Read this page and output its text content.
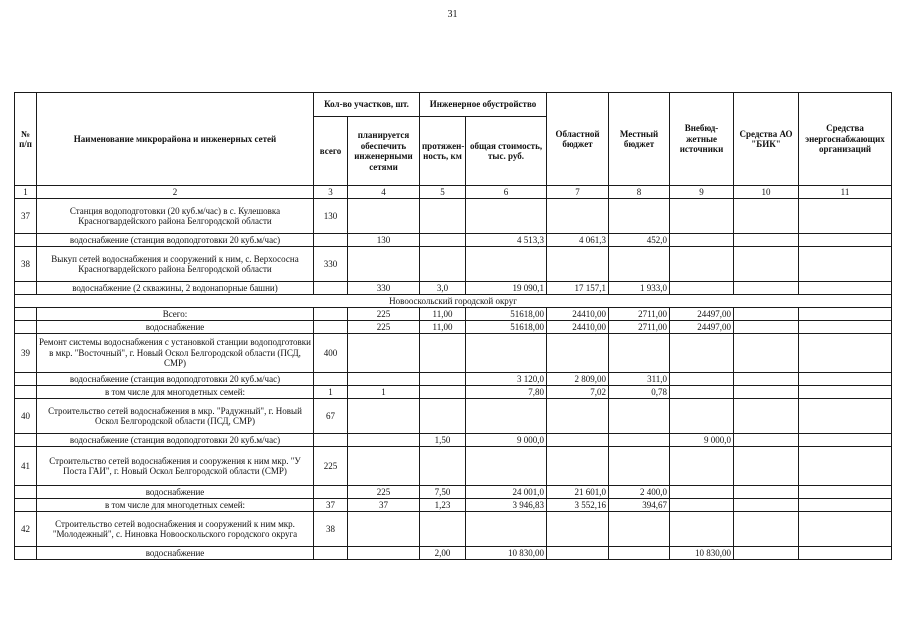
31
№ п/п	Наименование микрорайона и инженерных сетей	Кол-во участков, шт.		Инженерное обустройство		Областной бюджет	Местный бюджет	Внебюд-жетные источники	Средства АО "БИК"	Средства энергоснабжающих организаций
		всего	планируется обеспечить инженерными сетями	протяжен-ность, км	общая стоимость, тыс. руб.					
1	2	3	4	5	6	7	8	9	10	11
37	Станция водоподготовки (20 куб.м/час) в с. Кулешовка Красногвардейского района Белгородской области	130								
	водоснабжение (станция водоподготовки 20 куб.м/час)		130		4 513,3	4 061,3	452,0			
38	Выкуп сетей водоснабжения и сооружений к ним, с. Верхососна Красногвардейского района Белгородской области	330								
	водоснабжение (2 скважины, 2 водонапорные башни)		330	3,0	19 090,1	17 157,1	1 933,0			
Новооскольский городской округ										
	Всего:		225	11,00	51618,00	24410,00	2711,00	24497,00		
	водоснабжение		225	11,00	51618,00	24410,00	2711,00	24497,00		
39	Ремонт системы водоснабжения с установкой станции водоподготовки в мкр. "Восточный", г. Новый Оскол Белгородской области (ПСД, СМР)	400								
	водоснабжение (станция водоподготовки 20 куб.м/час)				3 120,0	2 809,00	311,0			
	в том числе для многодетных семей:	1	1		7,80	7,02	0,78			
40	Строительство сетей водоснабжения в мкр. "Радужный", г. Новый Оскол Белгородской области (ПСД, СМР)	67								
	водоснабжение (станция водоподготовки 20 куб.м/час)			1,50	9 000,0			9 000,0		
41	Строительство сетей водоснабжения и сооружения к ним мкр. "У Поста ГАИ", г. Новый Оскол Белгородской области (СМР)	225								
	водоснабжение		225	7,50	24 001,0	21 601,0	2 400,0			
	в том числе для многодетных семей:	37	37	1,23	3 946,83	3 552,16	394,67			
42	Строительство сетей водоснабжения и сооружений к ним мкр. "Молодежный", с. Ниновка Новооскольского городского округа	38								
	водоснабжение			2,00	10 830,00			10 830,00		
